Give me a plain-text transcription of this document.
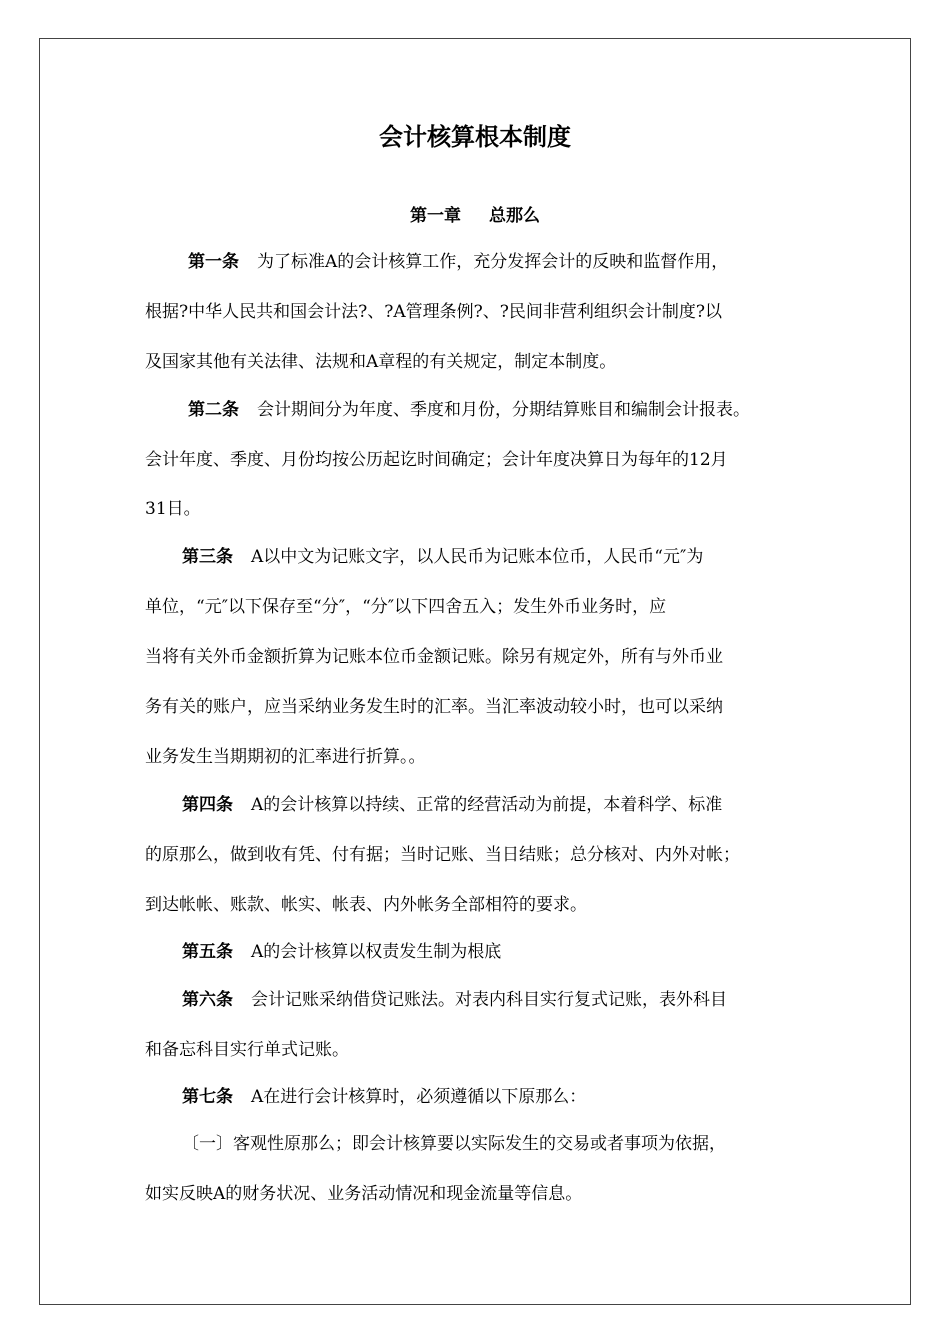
会计核算根本制度
第一章 总那么
第一条 为了标准A的会计核算工作，充分发挥会计的反映和监督作用，
根据?中华人民共和国会计法?、?A管理条例?、?民间非营利组织会计制度?以
及国家其他有关法律、法规和A章程的有关规定，制定本制度。
第二条 会计期间分为年度、季度和月份，分期结算账目和编制会计报表。
会计年度、季度、月份均按公历起讫时间确定；会计年度决算日为每年的12月
31日。
第三条 A以中文为记账文字，以人民币为记账本位币，人民币“元″为
单位，“元″以下保存至“分″，“分″以下四舍五入；发生外币业务时，应
当将有关外币金额折算为记账本位币金额记账。除另有规定外，所有与外币业
务有关的账户，应当采纳业务发生时的汇率。当汇率波动较小时，也可以采纳
业务发生当期期初的汇率进行折算。。
第四条 A的会计核算以持续、正常的经营活动为前提，本着科学、标准
的原那么，做到收有凭、付有据；当时记账、当日结账；总分核对、内外对帐；
到达帐帐、账款、帐实、帐表、内外帐务全部相符的要求。
第五条 A的会计核算以权责发生制为根底
第六条 会计记账采纳借贷记账法。对表内科目实行复式记账，表外科目
和备忘科目实行单式记账。
第七条 A在进行会计核算时，必须遵循以下原那么：
〔一〕客观性原那么；即会计核算要以实际发生的交易或者事项为依据，
如实反映A的财务状况、业务活动情况和现金流量等信息。
